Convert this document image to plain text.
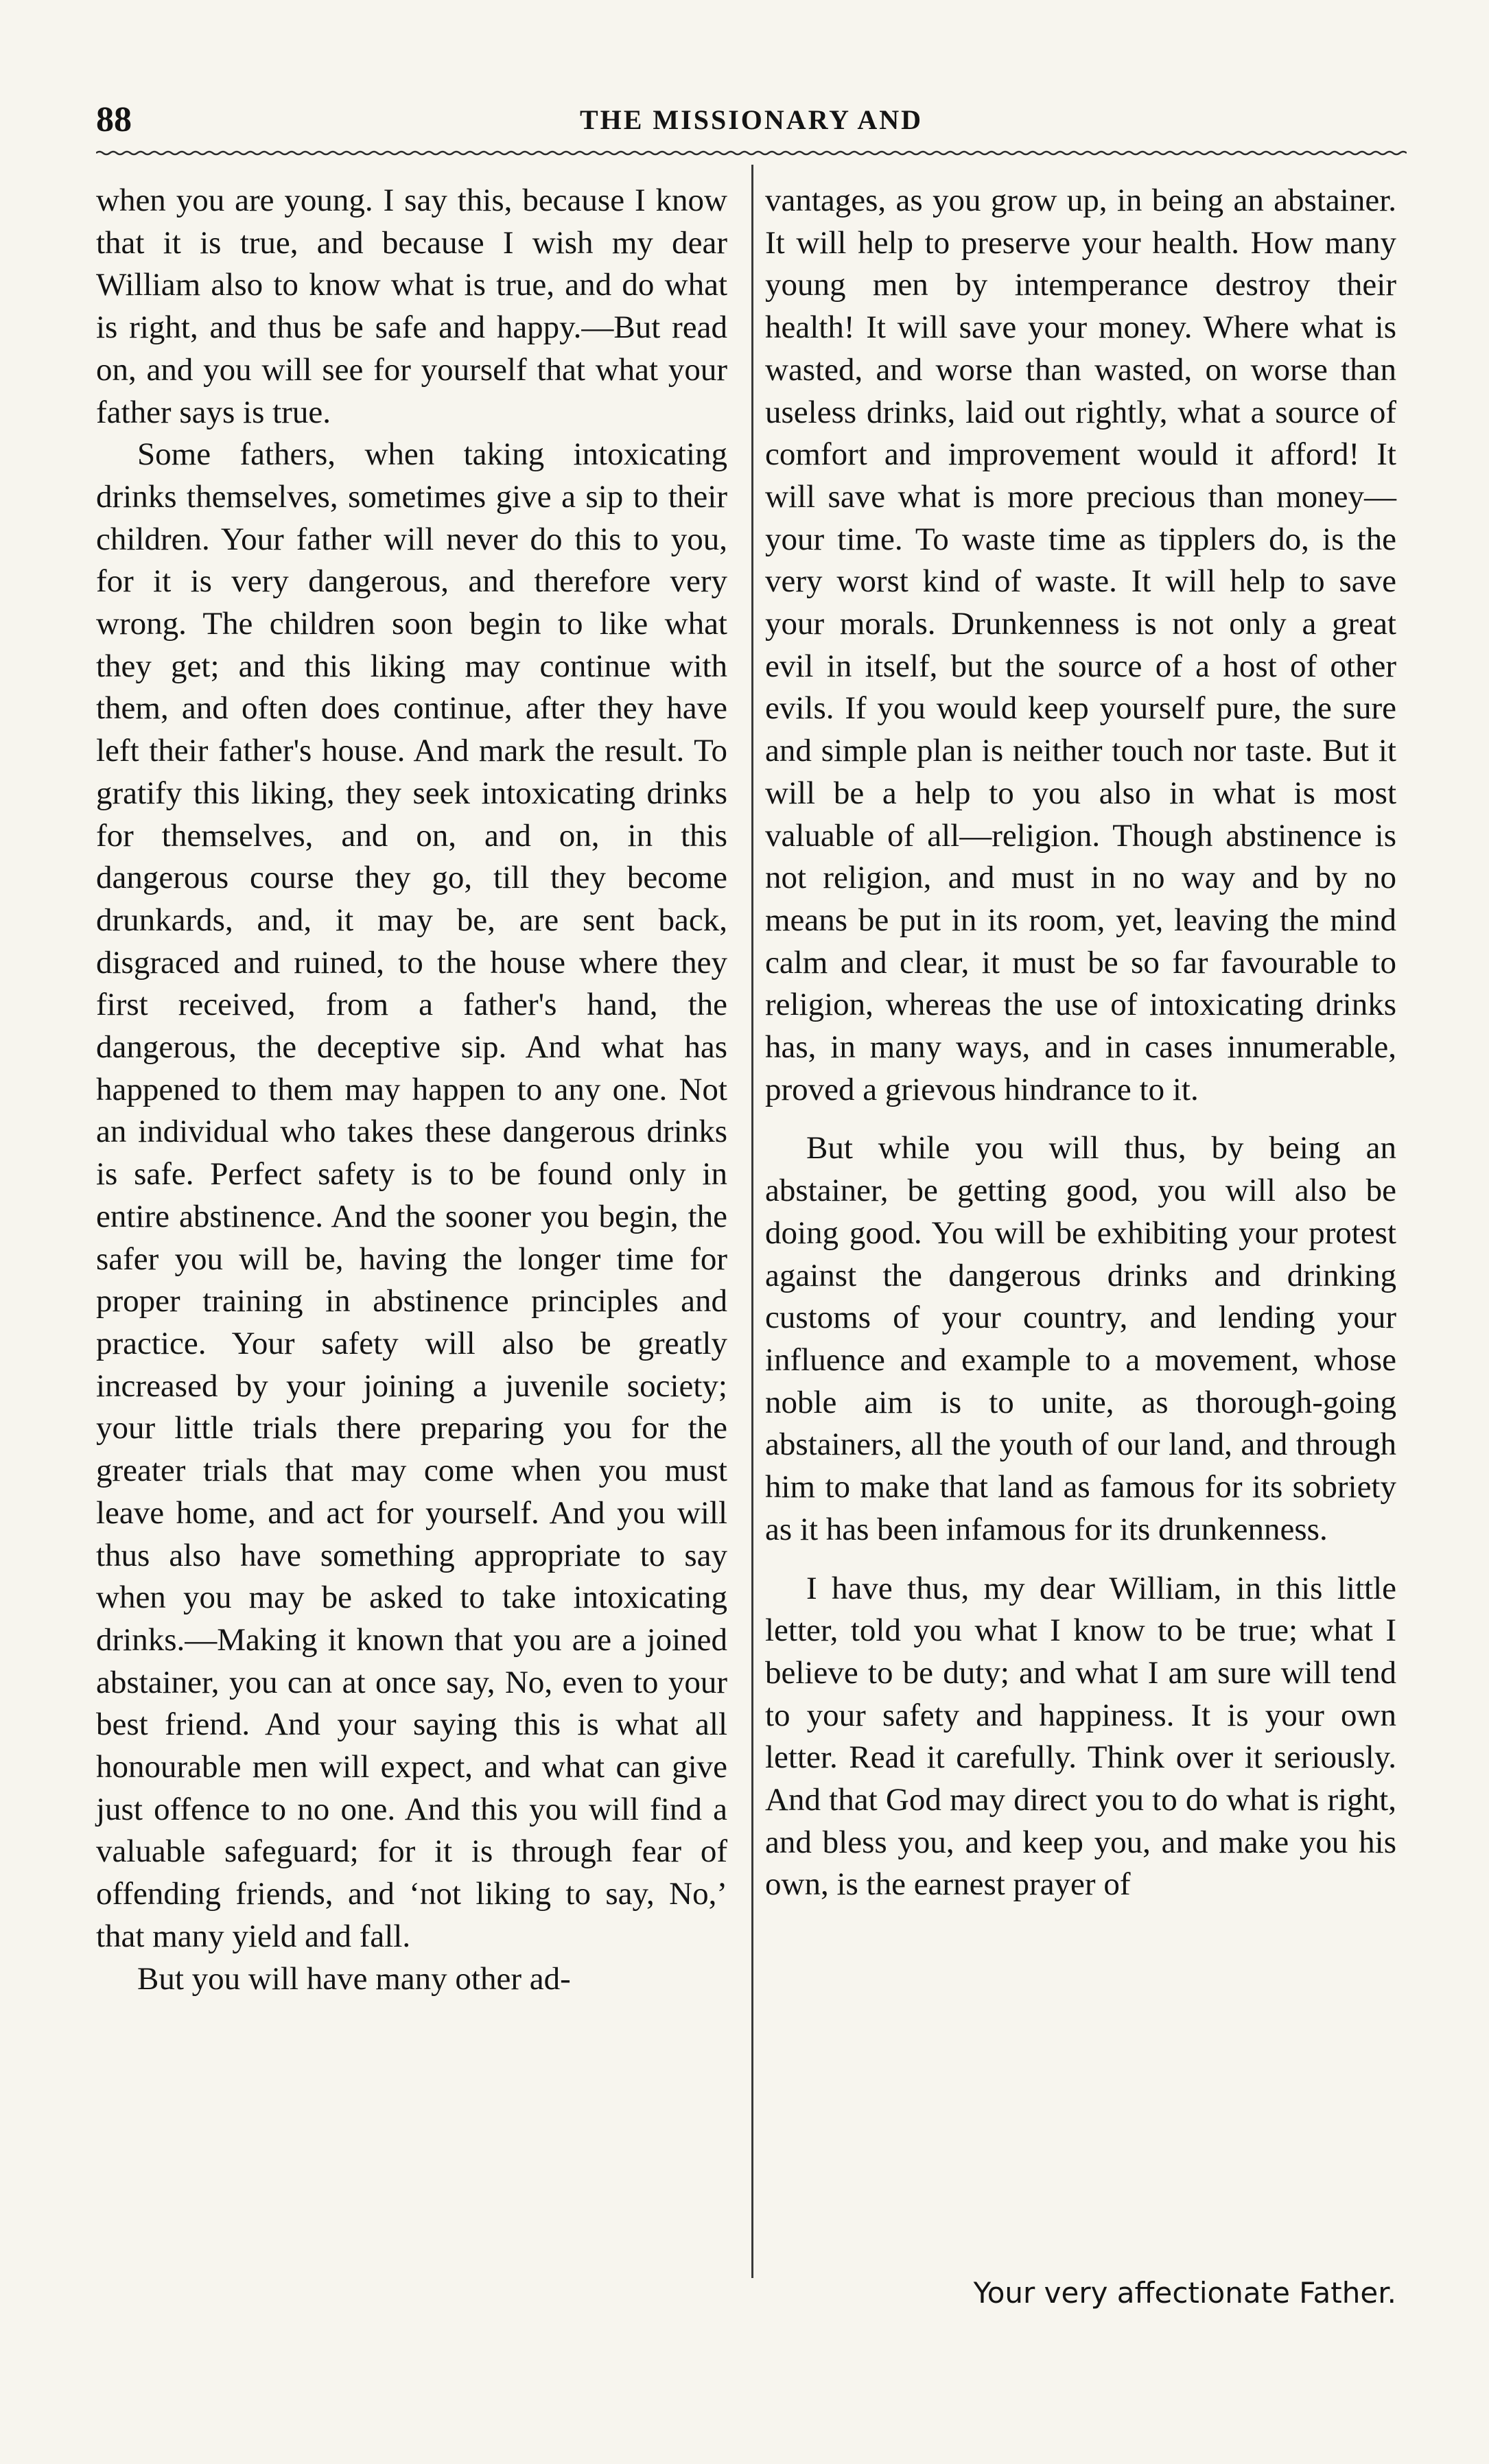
88	THE MISSIONARY AND

when you are young. I say this, because I know that it is true, and because I wish my dear William also to know what is true, and do what is right, and thus be safe and happy.—But read on, and you will see for yourself that what your father says is true.

Some fathers, when taking intoxicating drinks themselves, sometimes give a sip to their children. Your father will never do this to you, for it is very dangerous, and therefore very wrong. The children soon begin to like what they get; and this liking may continue with them, and often does continue, after they have left their father's house. And mark the result. To gratify this liking, they seek intoxicating drinks for themselves, and on, and on, in this dangerous course they go, till they become drunkards, and, it may be, are sent back, disgraced and ruined, to the house where they first received, from a father's hand, the dangerous, the deceptive sip. And what has happened to them may happen to any one. Not an individual who takes these dangerous drinks is safe. Perfect safety is to be found only in entire abstinence. And the sooner you begin, the safer you will be, having the longer time for proper training in abstinence principles and practice. Your safety will also be greatly increased by your joining a juvenile society; your little trials there preparing you for the greater trials that may come when you must leave home, and act for yourself. And you will thus also have something appropriate to say when you may be asked to take intoxicating drinks.—Making it known that you are a joined abstainer, you can at once say, No, even to your best friend. And your saying this is what all honourable men will expect, and what can give just offence to no one. And this you will find a valuable safeguard; for it is through fear of offending friends, and ‘not liking to say, No,’ that many yield and fall.

But you will have many other ad-

vantages, as you grow up, in being an abstainer. It will help to preserve your health. How many young men by intemperance destroy their health! It will save your money. Where what is wasted, and worse than wasted, on worse than useless drinks, laid out rightly, what a source of comfort and improvement would it afford! It will save what is more precious than money—your time. To waste time as tipplers do, is the very worst kind of waste. It will help to save your morals. Drunkenness is not only a great evil in itself, but the source of a host of other evils. If you would keep yourself pure, the sure and simple plan is neither touch nor taste. But it will be a help to you also in what is most valuable of all—religion. Though abstinence is not religion, and must in no way and by no means be put in its room, yet, leaving the mind calm and clear, it must be so far favourable to religion, whereas the use of intoxicating drinks has, in many ways, and in cases innumerable, proved a grievous hindrance to it.

But while you will thus, by being an abstainer, be getting good, you will also be doing good. You will be exhibiting your protest against the dangerous drinks and drinking customs of your country, and lending your influence and example to a movement, whose noble aim is to unite, as thorough-going abstainers, all the youth of our land, and through him to make that land as famous for its sobriety as it has been infamous for its drunkenness.

I have thus, my dear William, in this little letter, told you what I know to be true; what I believe to be duty; and what I am sure will tend to your safety and happiness. It is your own letter. Read it carefully. Think over it seriously. And that God may direct you to do what is right, and bless you, and keep you, and make you his own, is the earnest prayer of

Your very affectionate Father.
